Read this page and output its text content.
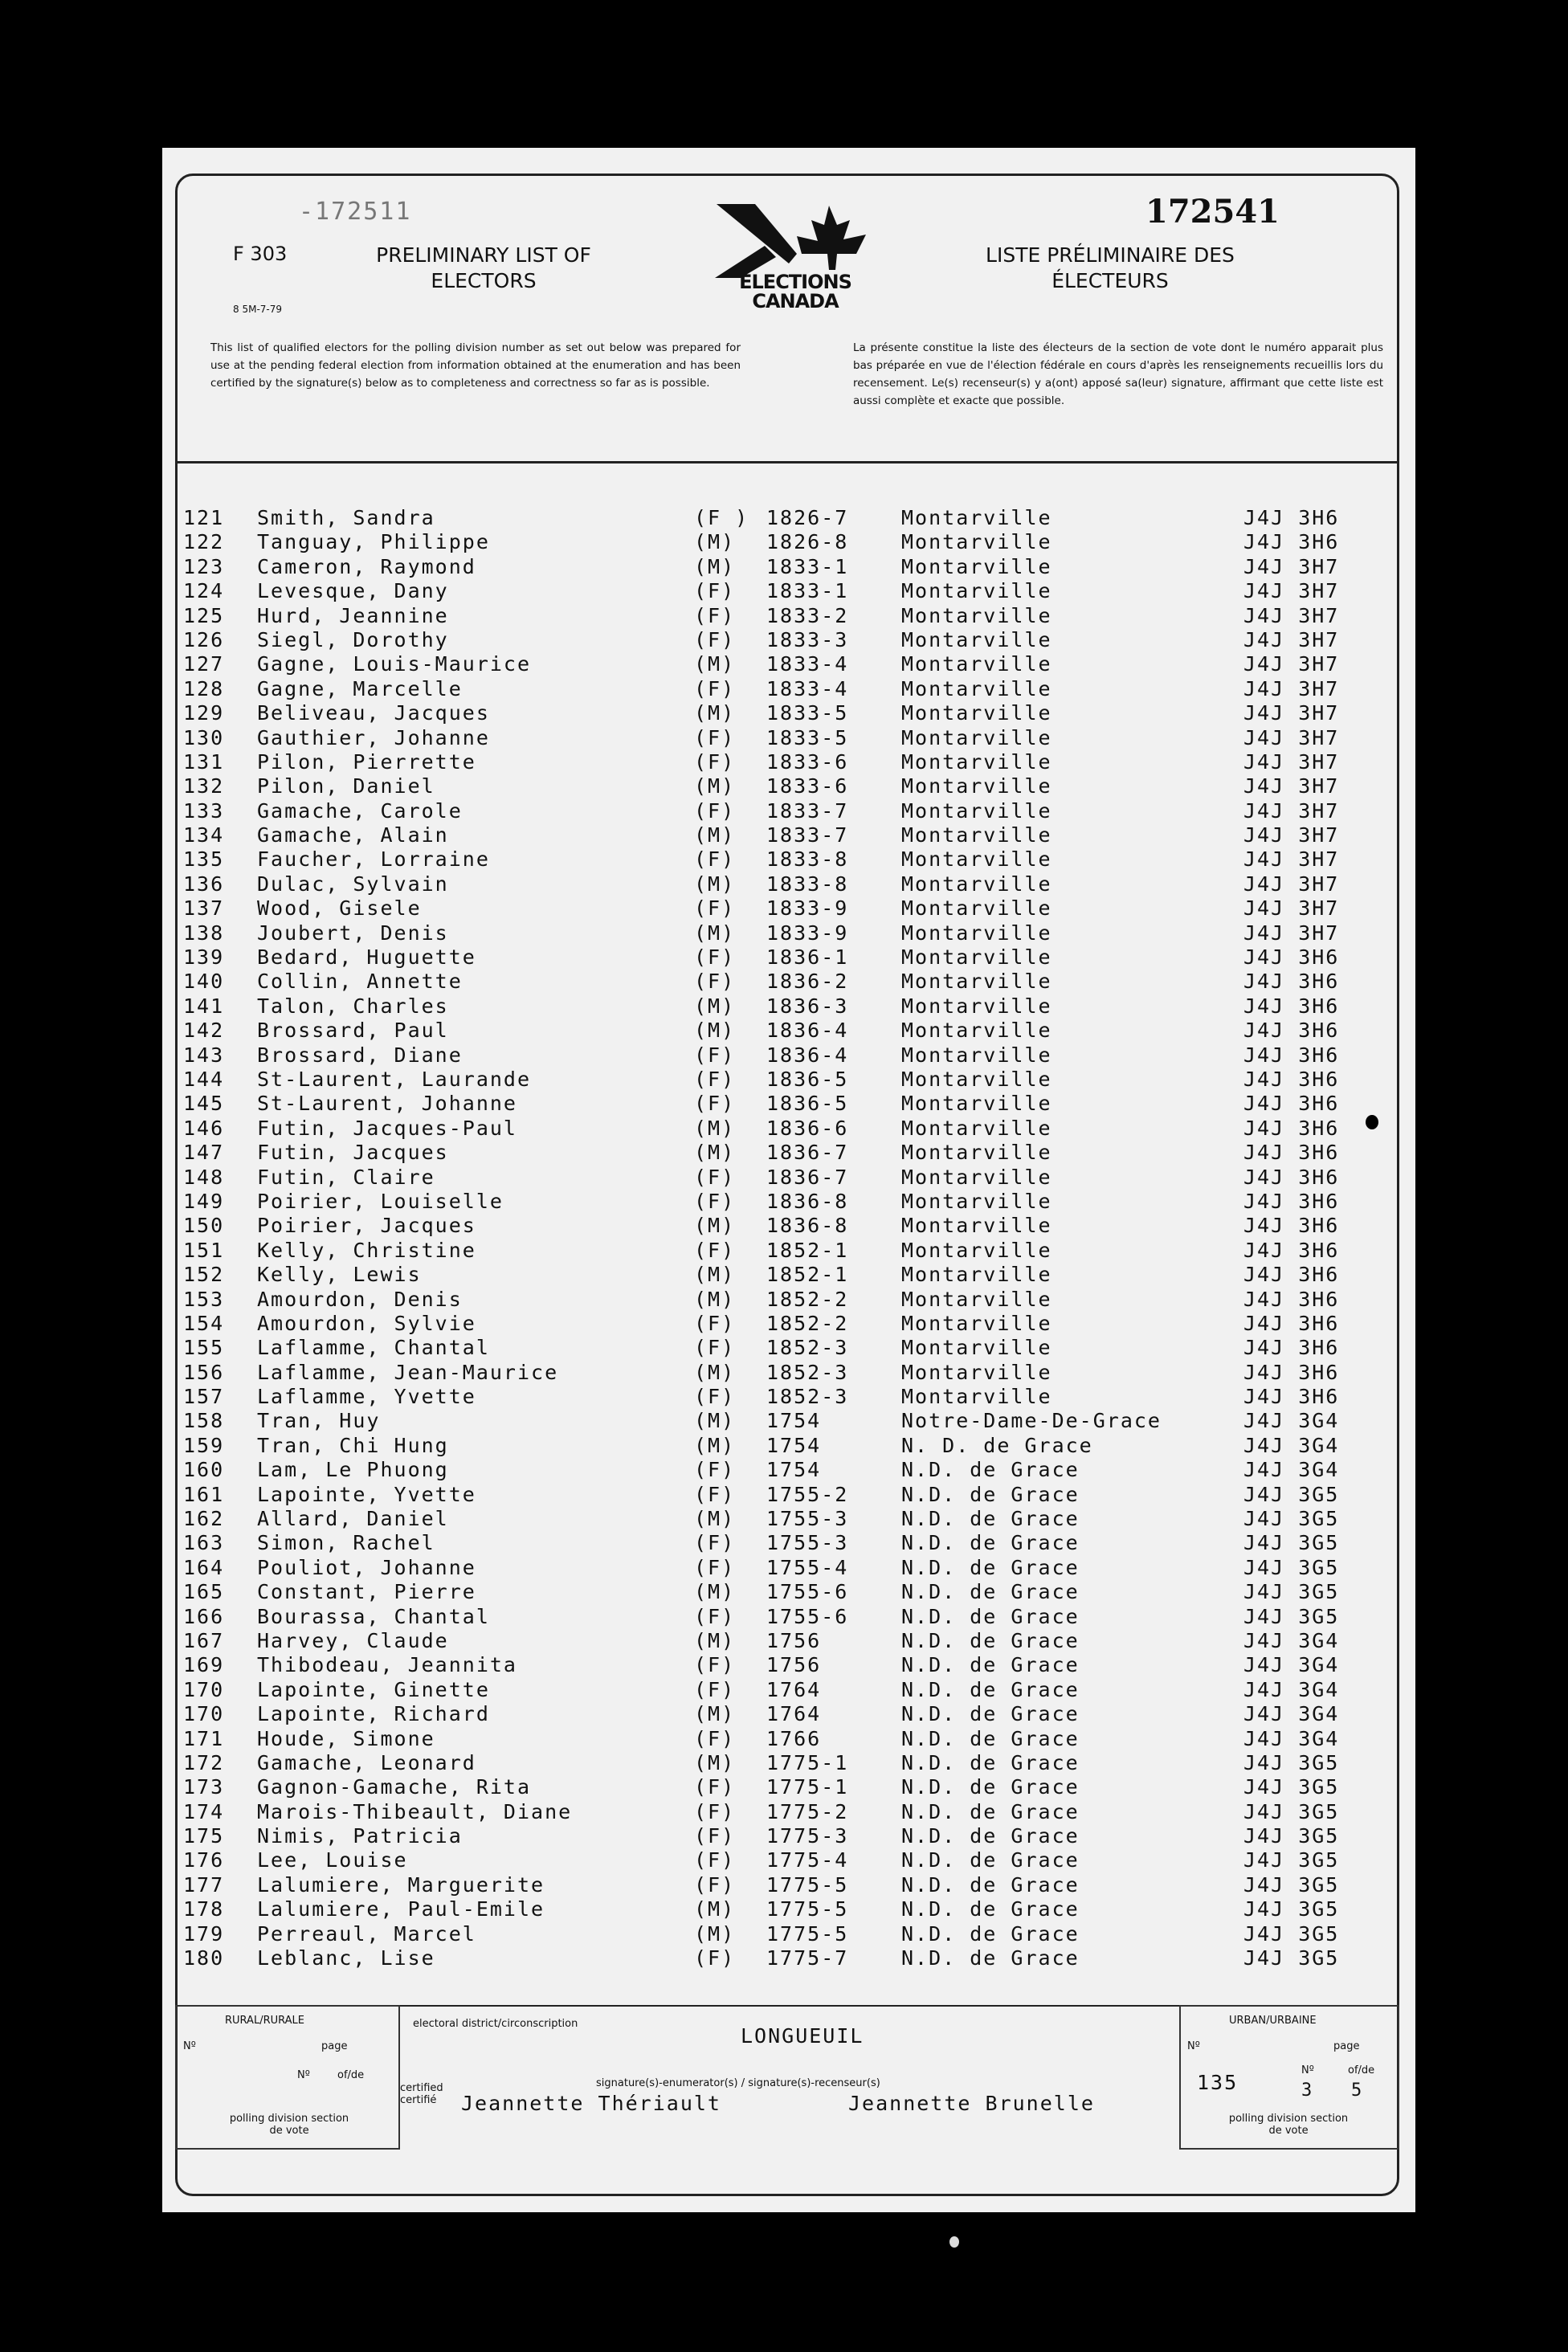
-172511
F 303
8 5M-7-79
PRELIMINARY LIST OF ELECTORS	ELECTIONS CANADA
172541
LISTE PRÉLIMINAIRE DES ÉLECTEURS
This list of qualified electors for the polling division number as set out below was prepared for use at the pending federal election from information obtained at the enumeration and has been certified by the signature(s) below as to completeness and correctness so far as is possible.
La présente constitue la liste des électeurs de la section de vote dont le numéro apparait plus bas préparée en vue de l'élection fédérale en cours d'après les renseignements recueillis lors du recensement. Le(s) recenseur(s) y a(ont) apposé sa(leur) signature, affirmant que cette liste est aussi complète et exacte que possible.
121 Smith, Sandra	(F ) 1826-7	Montarville	J4J 3H6
122 Tanguay, Philippe	(M) 1826-8	Montarville	J4J 3H6
123 Cameron, Raymond	(M) 1833-1	Montarville	J4J 3H7
124 Levesque, Dany	(F) 1833-1	Montarville	J4J 3H7
125 Hurd, Jeannine	(F) 1833-2	Montarville	J4J 3H7
126 Siegl, Dorothy	(F) 1833-3	Montarville	J4J 3H7
127 Gagne, Louis-Maurice	(M) 1833-4	Montarville	J4J 3H7
128 Gagne, Marcelle	(F) 1833-4	Montarville	J4J 3H7
129 Beliveau, Jacques	(M) 1833-5	Montarville	J4J 3H7
130 Gauthier, Johanne	(F) 1833-5	Montarville	J4J 3H7
131 Pilon, Pierrette	(F) 1833-6	Montarville	J4J 3H7
132 Pilon, Daniel	(M) 1833-6	Montarville	J4J 3H7
133 Gamache, Carole	(F) 1833-7	Montarville	J4J 3H7
134 Gamache, Alain	(M) 1833-7	Montarville	J4J 3H7
135 Faucher, Lorraine	(F) 1833-8	Montarville	J4J 3H7
136 Dulac, Sylvain	(M) 1833-8	Montarville	J4J 3H7
137 Wood, Gisele	(F) 1833-9	Montarville	J4J 3H7
138 Joubert, Denis	(M) 1833-9	Montarville	J4J 3H7
139 Bedard, Huguette	(F) 1836-1	Montarville	J4J 3H6
140 Collin, Annette	(F) 1836-2	Montarville	J4J 3H6
141 Talon, Charles	(M) 1836-3	Montarville	J4J 3H6
142 Brossard, Paul	(M) 1836-4	Montarville	J4J 3H6
143 Brossard, Diane	(F) 1836-4	Montarville	J4J 3H6
144 St-Laurent, Laurande	(F) 1836-5	Montarville	J4J 3H6
145 St-Laurent, Johanne	(F) 1836-5	Montarville	J4J 3H6
146 Futin, Jacques-Paul	(M) 1836-6	Montarville	J4J 3H6
147 Futin, Jacques	(M) 1836-7	Montarville	J4J 3H6
148 Futin, Claire	(F) 1836-7	Montarville	J4J 3H6
149 Poirier, Louiselle	(F) 1836-8	Montarville	J4J 3H6
150 Poirier, Jacques	(M) 1836-8	Montarville	J4J 3H6
151 Kelly, Christine	(F) 1852-1	Montarville	J4J 3H6
152 Kelly, Lewis	(M) 1852-1	Montarville	J4J 3H6
153 Amourdon, Denis	(M) 1852-2	Montarville	J4J 3H6
154 Amourdon, Sylvie	(F) 1852-2	Montarville	J4J 3H6
155 Laflamme, Chantal	(F) 1852-3	Montarville	J4J 3H6
156 Laflamme, Jean-Maurice	(M) 1852-3	Montarville	J4J 3H6
157 Laflamme, Yvette	(F) 1852-3	Montarville	J4J 3H6
158 Tran, Huy	(M) 1754	Notre-Dame-De-Grace	J4J 3G4
159 Tran, Chi Hung	(M) 1754	N. D. de Grace	J4J 3G4
160 Lam, Le Phuong	(F) 1754	N.D. de Grace	J4J 3G4
161 Lapointe, Yvette	(F) 1755-2	N.D. de Grace	J4J 3G5
162 Allard, Daniel	(M) 1755-3	N.D. de Grace	J4J 3G5
163 Simon, Rachel	(F) 1755-3	N.D. de Grace	J4J 3G5
164 Pouliot, Johanne	(F) 1755-4	N.D. de Grace	J4J 3G5
165 Constant, Pierre	(M) 1755-6	N.D. de Grace	J4J 3G5
166 Bourassa, Chantal	(F) 1755-6	N.D. de Grace	J4J 3G5
167 Harvey, Claude	(M) 1756	N.D. de Grace	J4J 3G4
169 Thibodeau, Jeannita	(F) 1756	N.D. de Grace	J4J 3G4
170 Lapointe, Ginette	(F) 1764	N.D. de Grace	J4J 3G4
170 Lapointe, Richard	(M) 1764	N.D. de Grace	J4J 3G4
171 Houde, Simone	(F) 1766	N.D. de Grace	J4J 3G4
172 Gamache, Leonard	(M) 1775-1	N.D. de Grace	J4J 3G5
173 Gagnon-Gamache, Rita	(F) 1775-1	N.D. de Grace	J4J 3G5
174 Marois-Thibeault, Diane	(F) 1775-2	N.D. de Grace	J4J 3G5
175 Nimis, Patricia	(F) 1775-3	N.D. de Grace	J4J 3G5
176 Lee, Louise	(F) 1775-4	N.D. de Grace	J4J 3G5
177 Lalumiere, Marguerite	(F) 1775-5	N.D. de Grace	J4J 3G5
178 Lalumiere, Paul-Emile	(M) 1775-5	N.D. de Grace	J4J 3G5
179 Perreaul, Marcel	(M) 1775-5	N.D. de Grace	J4J 3G5
180 Leblanc, Lise	(F) 1775-7	N.D. de Grace	J4J 3G5
RURAL/RURALE
Nº	page
Nº	of/de
polling division section de vote
electoral district/circonscription
LONGUEUIL
certified certifié
signature(s)-enumerator(s) / signature(s)-recenseur(s)
Jeannette Thériault	Jeannette Brunelle
URBAN/URBAINE
Nº	page
135
Nº	of/de
3 5
polling division section de vote
